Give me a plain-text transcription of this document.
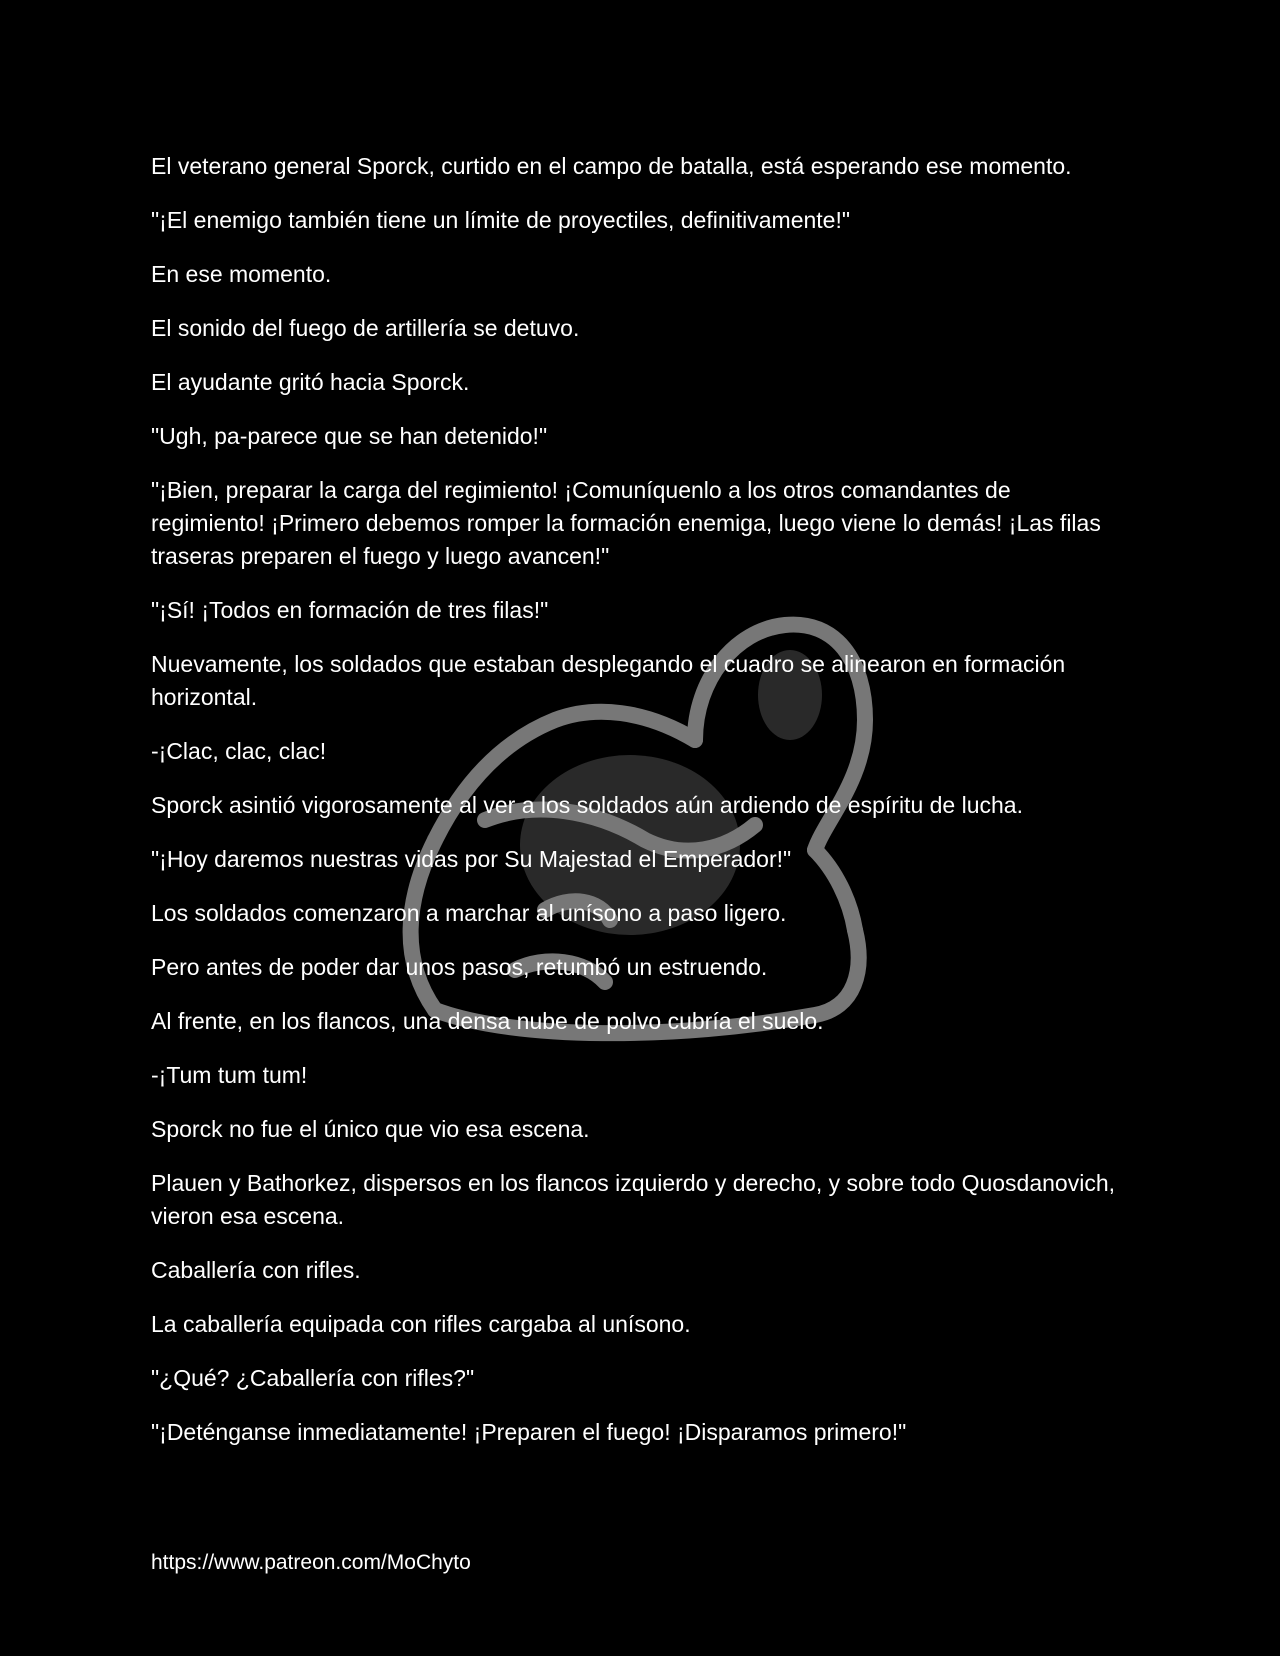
El veterano general Sporck, curtido en el campo de batalla, está esperando ese momento.

"¡El enemigo también tiene un límite de proyectiles, definitivamente!"

En ese momento.

El sonido del fuego de artillería se detuvo.

El ayudante gritó hacia Sporck.

"Ugh, pa-parece que se han detenido!"

"¡Bien, preparar la carga del regimiento! ¡Comuníquenlo a los otros comandantes de regimiento! ¡Primero debemos romper la formación enemiga, luego viene lo demás! ¡Las filas traseras preparen el fuego y luego avancen!"

"¡Sí! ¡Todos en formación de tres filas!"

Nuevamente, los soldados que estaban desplegando el cuadro se alinearon en formación horizontal.

-¡Clac, clac, clac!

Sporck asintió vigorosamente al ver a los soldados aún ardiendo de espíritu de lucha.

"¡Hoy daremos nuestras vidas por Su Majestad el Emperador!"

Los soldados comenzaron a marchar al unísono a paso ligero.

Pero antes de poder dar unos pasos, retumbó un estruendo.

Al frente, en los flancos, una densa nube de polvo cubría el suelo.

-¡Tum tum tum!

Sporck no fue el único que vio esa escena.

Plauen y Bathorkez, dispersos en los flancos izquierdo y derecho, y sobre todo Quosdanovich, vieron esa escena.

Caballería con rifles.

La caballería equipada con rifles cargaba al unísono.

"¿Qué? ¿Caballería con rifles?"

"¡Deténganse inmediatamente! ¡Preparen el fuego! ¡Disparamos primero!"

https://www.patreon.com/MoChyto
